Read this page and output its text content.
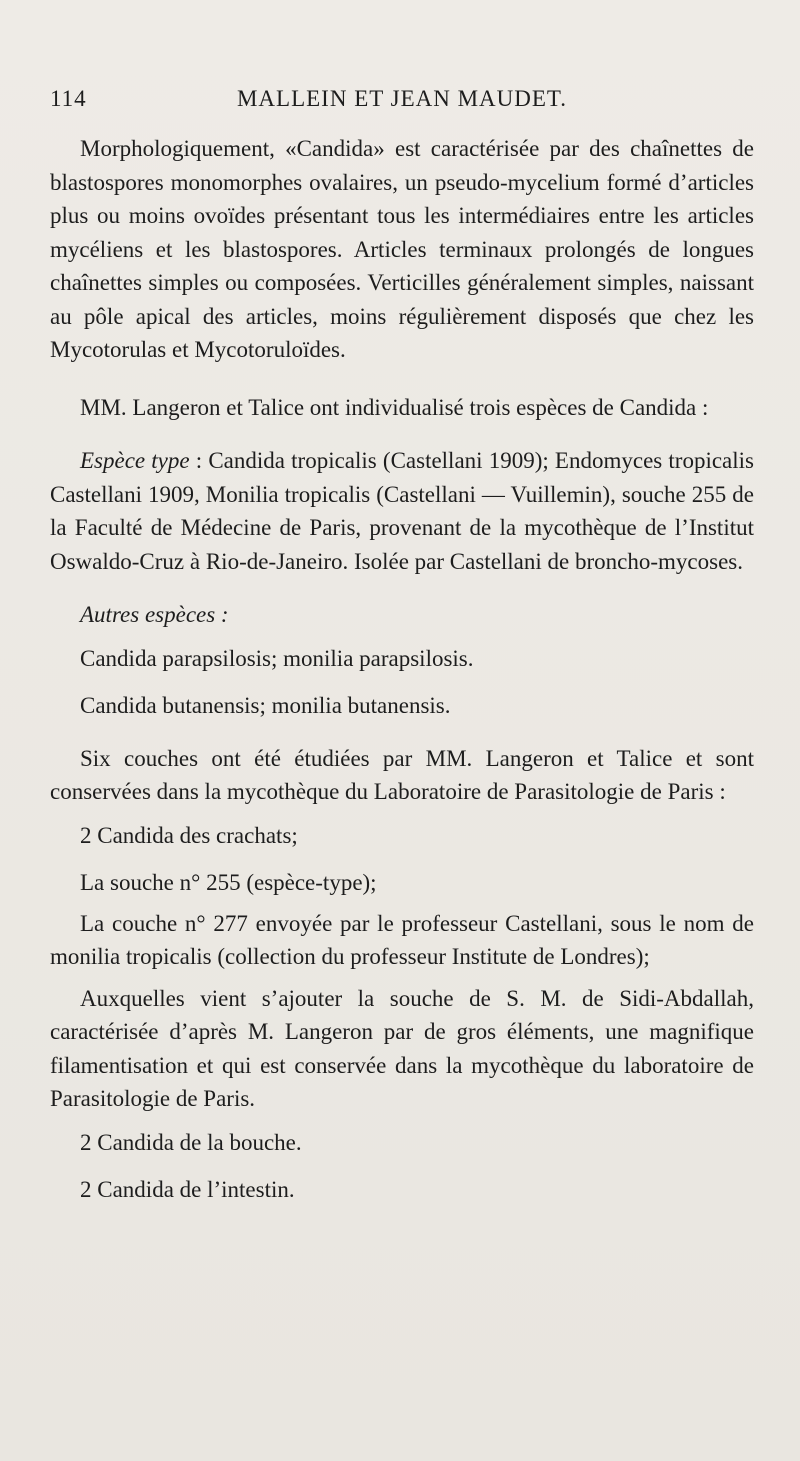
114	MALLEIN ET JEAN MAUDET.

Morphologiquement, «Candida» est caractérisée par des chaînettes de blastospores monomorphes ovalaires, un pseudo-mycelium formé d’articles plus ou moins ovoïdes présentant tous les intermédiaires entre les articles mycéliens et les blastospores. Articles terminaux prolongés de longues chaînettes simples ou composées. Verticilles généralement simples, naissant au pôle apical des articles, moins régulièrement disposés que chez les Mycotorulas et Mycotoruloïdes.

MM. Langeron et Talice ont individualisé trois espèces de Candida :

Espèce type : Candida tropicalis (Castellani 1909); Endomyces tropicalis Castellani 1909, Monilia tropicalis (Castellani — Vuillemin), souche 255 de la Faculté de Médecine de Paris, provenant de la mycothèque de l’Institut Oswaldo-Cruz à Rio-de-Janeiro. Isolée par Castellani de broncho-mycoses.

Autres espèces :

Candida parapsilosis; monilia parapsilosis.

Candida butanensis; monilia butanensis.

Six couches ont été étudiées par MM. Langeron et Talice et sont conservées dans la mycothèque du Laboratoire de Parasitologie de Paris :

2 Candida des crachats;

La souche n° 255 (espèce-type);

La couche n° 277 envoyée par le professeur Castellani, sous le nom de monilia tropicalis (collection du professeur Institute de Londres);

Auxquelles vient s’ajouter la souche de S. M. de Sidi-Abdallah, caractérisée d’après M. Langeron par de gros éléments, une magnifique filamentisation et qui est conservée dans la mycothèque du laboratoire de Parasitologie de Paris.

2 Candida de la bouche.

2 Candida de l’intestin.
